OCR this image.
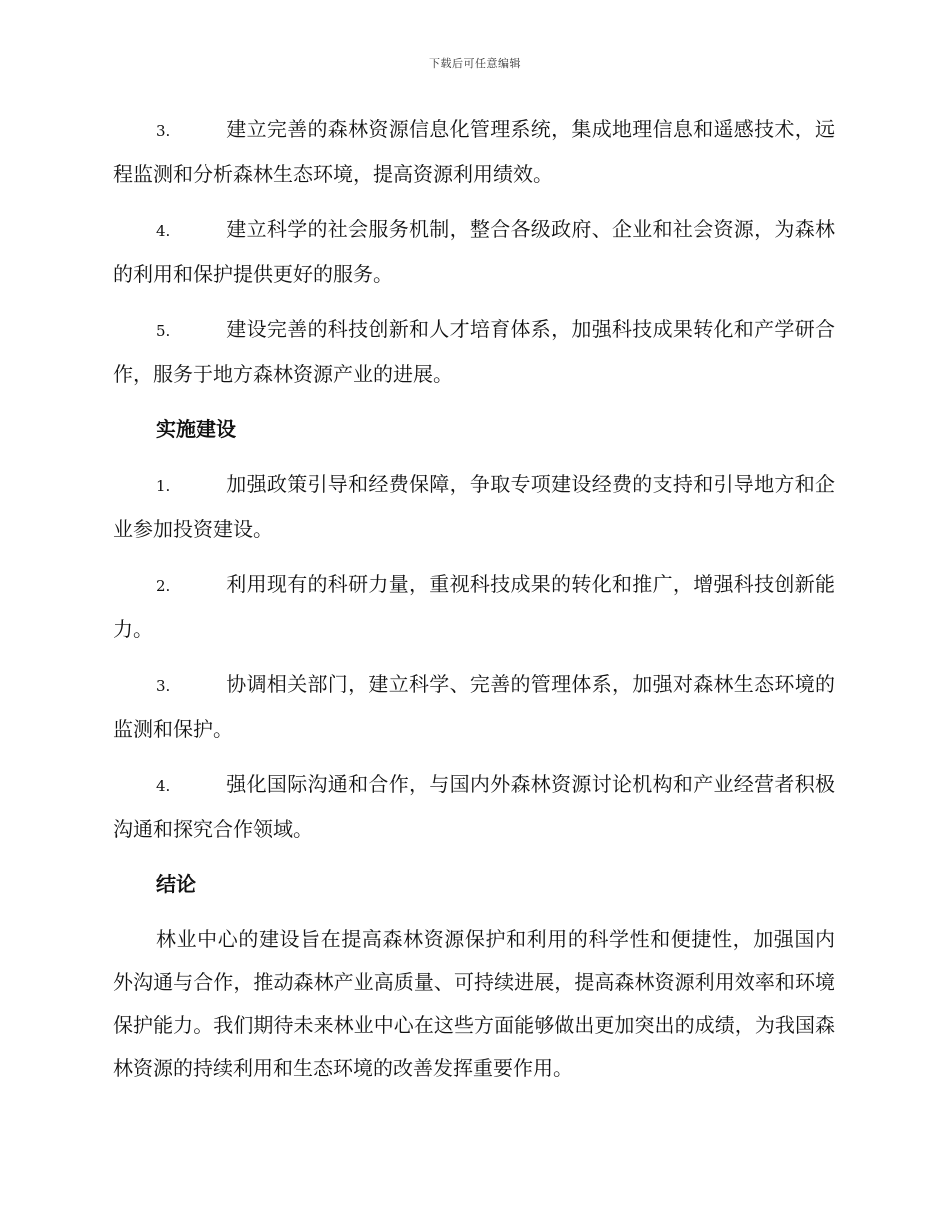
下载后可任意编辑
3.	建立完善的森林资源信息化管理系统，集成地理信息和遥感技术，远程监测和分析森林生态环境，提高资源利用绩效。
4.	建立科学的社会服务机制，整合各级政府、企业和社会资源，为森林的利用和保护提供更好的服务。
5.	建设完善的科技创新和人才培育体系，加强科技成果转化和产学研合作，服务于地方森林资源产业的进展。
实施建设
1.	加强政策引导和经费保障，争取专项建设经费的支持和引导地方和企业参加投资建设。
2.	利用现有的科研力量，重视科技成果的转化和推广，增强科技创新能力。
3.	协调相关部门，建立科学、完善的管理体系，加强对森林生态环境的监测和保护。
4.	强化国际沟通和合作，与国内外森林资源讨论机构和产业经营者积极沟通和探究合作领域。
结论

林业中心的建设旨在提高森林资源保护和利用的科学性和便捷性，加强国内外沟通与合作，推动森林产业高质量、可持续进展，提高森林资源利用效率和环境保护能力。我们期待未来林业中心在这些方面能够做出更加突出的成绩，为我国森林资源的持续利用和生态环境的改善发挥重要作用。
